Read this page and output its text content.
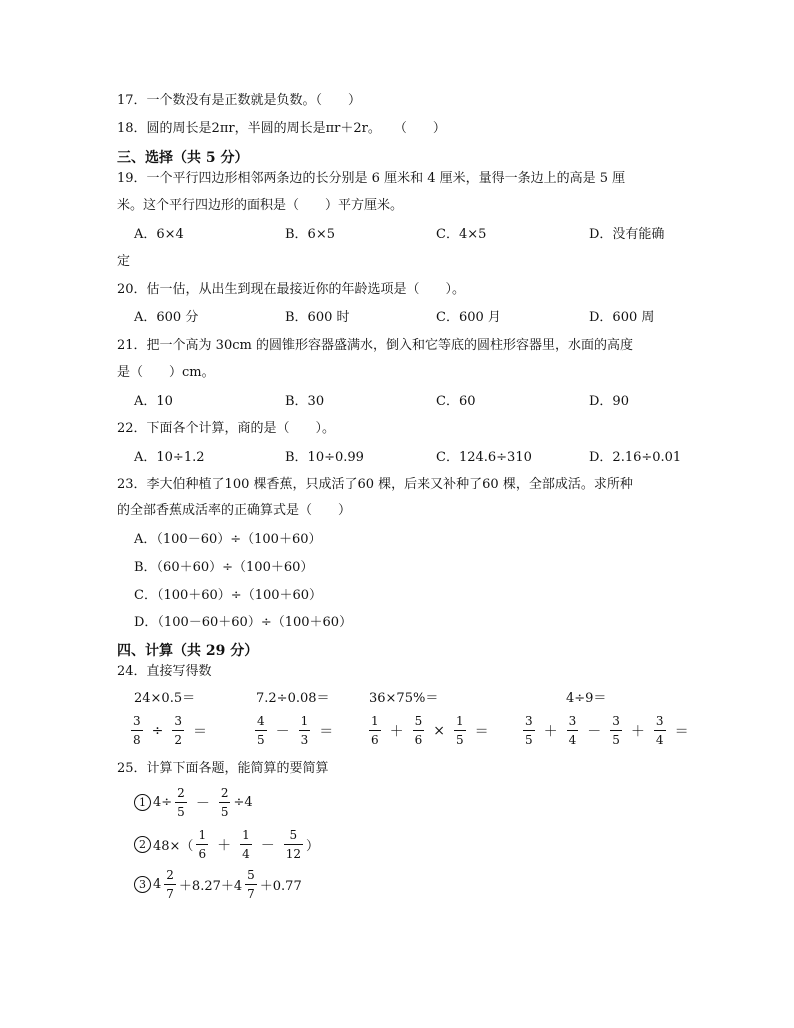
17．一个数没有是正数就是负数。（　　）
18．圆的周长是2πr，半圆的周长是πr＋2r。　　（　　）
三、选择（共 5 分）
19．一个平行四边形相邻两条边的长分别是 6 厘米和 4 厘米，量得一条边上的高是 5 厘
米。这个平行四边形的面积是（　　）平方厘米。
A．6×4	B．6×5	C．4×5	D．没有能确
定
20．估一估，从出生到现在最接近你的年龄选项是（　　）。
A．600 分	B．600 时	C．600 月	D．600 周
21．把一个高为 30cm 的圆锥形容器盛满水，倒入和它等底的圆柱形容器里，水面的高度
是（　　）cm。
A．10	B．30	C．60	D．90
22．下面各个计算，商的是（　　）。
A．10÷1.2	B．10÷0.99	C．124.6÷310	D．2.16÷0.01
23．李大伯种植了100 棵香蕉，只成活了60 棵，后来又补种了60 棵，全部成活。求所种
的全部香蕉成活率的正确算式是（　　）
A．（100－60）÷（100＋60）
B．（60＋60）÷（100＋60）
C．（100＋60）÷（100＋60）
D．（100－60＋60）÷（100＋60）
四、计算（共 29 分）
24．直接写得数
24×0.5＝	7.2÷0.08＝	36×75%＝	4÷9＝
$\frac{3}{8} \div \frac{3}{2}$ ＝	$\frac{4}{5} - \frac{1}{3}$ ＝	$\frac{1}{6} + \frac{5}{6} \times \frac{1}{5}$ ＝	$\frac{3}{5} + \frac{3}{4} - \frac{3}{5} + \frac{3}{4}$ ＝
25．计算下面各题，能简算的要简算
1 $4\div \frac{2}{5} - \frac{2}{5} \div 4$
2 $48\times( \frac{1}{6} + \frac{1}{4} - \frac{5}{12}$ ）
3 $4 \frac{2}{7} +8.27+4 \frac{5}{7} +0.77$
